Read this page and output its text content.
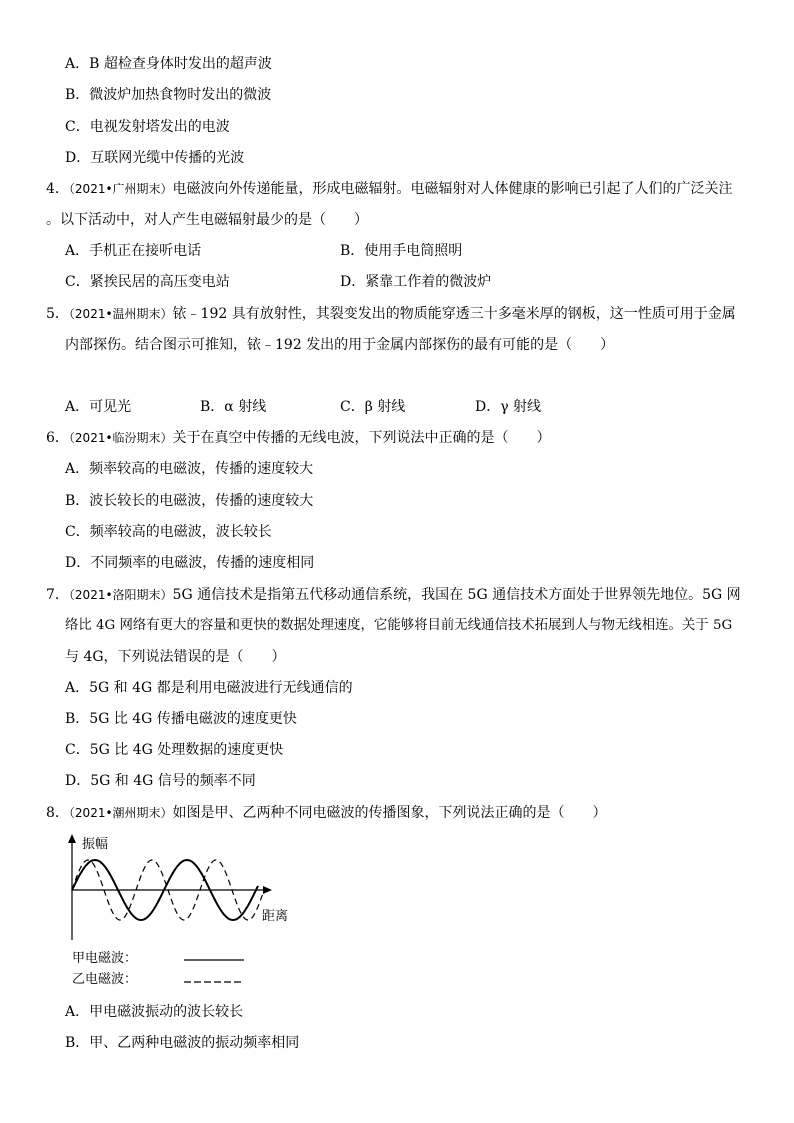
A．B 超检查身体时发出的超声波
B．微波炉加热食物时发出的微波
C．电视发射塔发出的电波
D．互联网光缆中传播的光波
4．（2021•广州期末）电磁波向外传递能量，形成电磁辐射。电磁辐射对人体健康的影响已引起了人们的广泛关注
。以下活动中，对人产生电磁辐射最少的是（　　）
A．手机正在接听电话	B．使用手电筒照明
C．紧挨民居的高压变电站	D．紧靠工作着的微波炉
5．（2021•温州期末）铱﹣192 具有放射性，其裂变发出的物质能穿透三十多毫米厚的钢板，这一性质可用于金属
内部探伤。结合图示可推知，铱﹣192 发出的用于金属内部探伤的最有可能的是（　　）
A．可见光	B．α 射线	C．β 射线	D．γ 射线
6．（2021•临汾期末）关于在真空中传播的无线电波，下列说法中正确的是（　　）
A．频率较高的电磁波，传播的速度较大
B．波长较长的电磁波，传播的速度较大
C．频率较高的电磁波，波长较长
D．不同频率的电磁波，传播的速度相同
7．（2021•洛阳期末）5G 通信技术是指第五代移动通信系统，我国在 5G 通信技术方面处于世界领先地位。5G 网
络比 4G 网络有更大的容量和更快的数据处理速度，它能够将目前无线通信技术拓展到人与物无线相连。关于 5G
与 4G，下列说法错误的是（　　）
A．5G 和 4G 都是利用电磁波进行无线通信的
B．5G 比 4G 传播电磁波的速度更快
C．5G 比 4G 处理数据的速度更快
D．5G 和 4G 信号的频率不同
8．（2021•潮州期末）如图是甲、乙两种不同电磁波的传播图象，下列说法正确的是（　　）
振幅
距离
甲电磁波：
乙电磁波：
A．甲电磁波振动的波长较长
B．甲、乙两种电磁波的振动频率相同
